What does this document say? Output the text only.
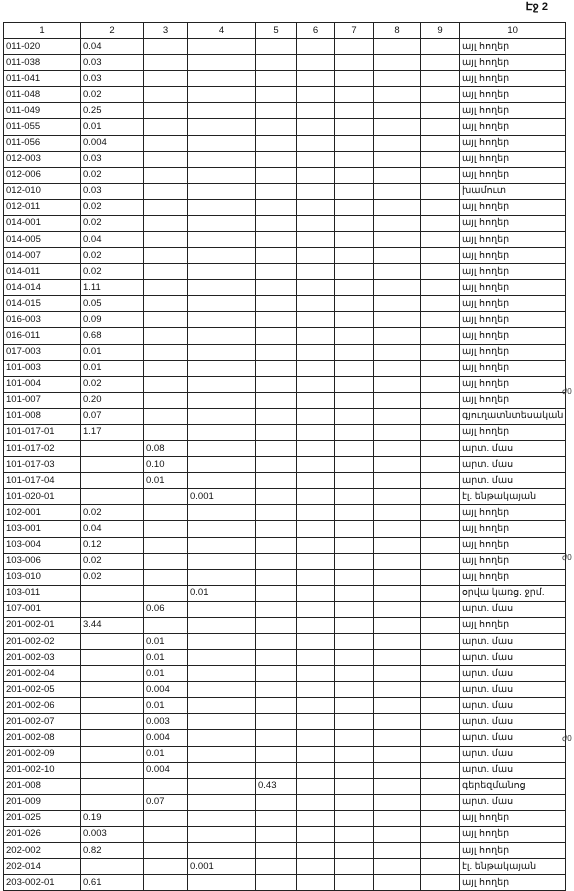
Էջ 2
1	2	3	4	5	6	7	8	9	10
011-020	0.04								այլ հողեր
011-038	0.03								այլ հողեր
011-041	0.03								այլ հողեր
011-048	0.02								այլ հողեր
011-049	0.25								այլ հողեր
011-055	0.01								այլ հողեր
011-056	0.004								այլ հողեր
012-003	0.03								այլ հողեր
012-006	0.02								այլ հողեր
012-010	0.03								խամուտ
012-011	0.02								այլ հողեր
014-001	0.02								այլ հողեր
014-005	0.04								այլ հողեր
014-007	0.02								այլ հողեր
014-011	0.02								այլ հողեր
014-014	1.11								այլ հողեր
014-015	0.05								այլ հողեր
016-003	0.09								այլ հողեր
016-011	0.68								այլ հողեր
017-003	0.01								այլ հողեր
101-003	0.01								այլ հողեր
101-004	0.02								այլ հողեր
101-007	0.20								այլ հողեր
101-008	0.07								գյուղատնտեսական
101-017-01	1.17								այլ հողեր
101-017-02		0.08							արտ. մաս
101-017-03		0.10							արտ. մաս
101-017-04		0.01							արտ. մաս
101-020-01			0.001						էլ. ենթակայան
102-001	0.02								այլ հողեր
103-001	0.04								այլ հողեր
103-004	0.12								այլ հողեր
103-006	0.02								այլ հողեր
103-010	0.02								այլ հողեր
103-011			0.01						օրվա կառց. ջրմ.
107-001		0.06							արտ. մաս
201-002-01	3.44								այլ հողեր
201-002-02		0.01							արտ. մաս
201-002-03		0.01							արտ. մաս
201-002-04		0.01							արտ. մաս
201-002-05		0.004							արտ. մաս
201-002-06		0.01							արտ. մաս
201-002-07		0.003							արտ. մաս
201-002-08		0.004							արտ. մաս
201-002-09		0.01							արտ. մաս
201-002-10		0.004							արտ. մաս
201-008				0.43					գերեզմանոց
201-009		0.07							արտ. մաս
201-025	0.19								այլ հողեր
201-026	0.003								այլ հողեր
202-002	0.82								այլ հողեր
202-014			0.001						էլ. ենթակայան
203-002-01	0.61								այլ հողեր
ժ0
ժ0
ժ0
